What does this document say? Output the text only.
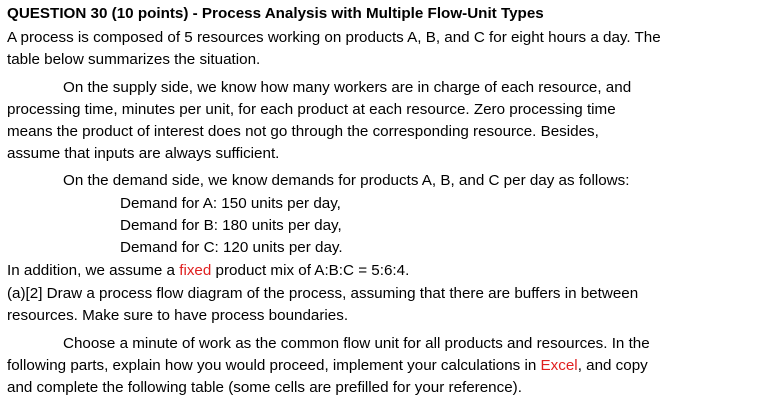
QUESTION 30 (10 points) - Process Analysis with Multiple Flow-Unit Types
A process is composed of 5 resources working on products A, B, and C for eight hours a day. The
table below summarizes the situation.
On the supply side, we know how many workers are in charge of each resource, and
processing time, minutes per unit, for each product at each resource. Zero processing time
means the product of interest does not go through the corresponding resource. Besides,
assume that inputs are always sufficient.
On the demand side, we know demands for products A, B, and C per day as follows:
Demand for A: 150 units per day,
Demand for B: 180 units per day,
Demand for C: 120 units per day.
In addition, we assume a fixed product mix of A:B:C = 5:6:4.
(a)[2] Draw a process flow diagram of the process, assuming that there are buffers in between
resources. Make sure to have process boundaries.
Choose a minute of work as the common flow unit for all products and resources. In the
following parts, explain how you would proceed, implement your calculations in Excel, and copy
and complete the following table (some cells are prefilled for your reference).
